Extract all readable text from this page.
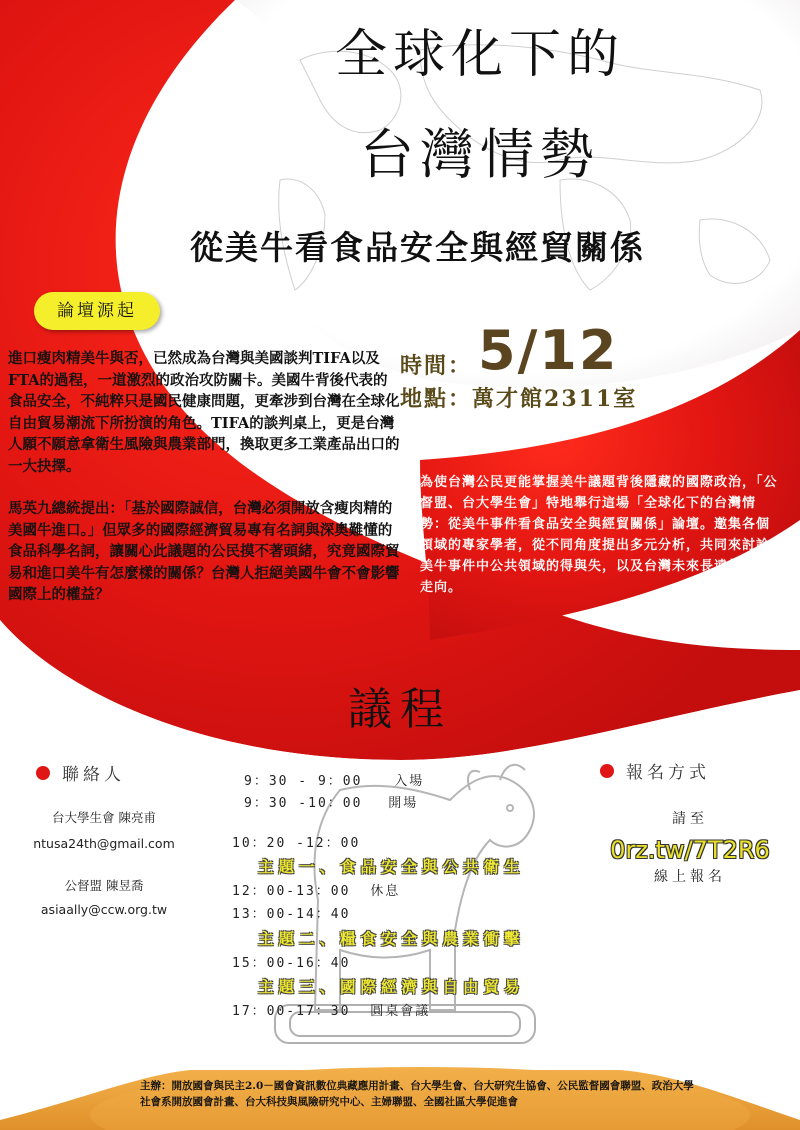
全球化下的
台灣情勢
從美牛看食品安全與經貿關係
論壇源起

進口瘦肉精美牛與否，已然成為台灣與美國談判TIFA以及FTA的過程，一道激烈的政治攻防關卡。美國牛背後代表的食品安全，不純粹只是國民健康問題，更牽涉到台灣在全球化自由貿易潮流下所扮演的角色。TIFA的談判桌上，更是台灣人願不願意拿衛生風險與農業部門，換取更多工業產品出口的一大抉擇。

馬英九總統提出：「基於國際誠信，台灣必須開放含瘦肉精的美國牛進口。」但眾多的國際經濟貿易專有名詞與深奧難懂的食品科學名詞，讓關心此議題的公民摸不著頭緒，究竟國際貿易和進口美牛有怎麼樣的關係？台灣人拒絕美國牛會不會影響國際上的權益？

時間： 5/12
地點：萬才館2311室
為使台灣公民更能掌握美牛議題背後隱藏的國際政治，「公督盟、台大學生會」特地舉行這場「全球化下的台灣情勢：從美牛事件看食品安全與經貿關係」論壇。邀集各個領域的專家學者，從不同角度提出多元分析，共同來討論美牛事件中公共領域的得與失，以及台灣未來長遠的經貿走向。
議程
聯絡人
台大學生會 陳亮甫
ntusa24th@gmail.com
公督盟 陳昱喬
asiaally@ccw.org.tw
報名方式
請至
0rz.tw/7T2R6
線上報名
9：30 - 9：00 入場
9：30 -10：00 開場
10：20 -12：00
主題一、食品安全與公共衛生
12：00-13：00 休息
13：00-14：40
主題二、糧食安全與農業衝擊
15：00-16：40
主題三、國際經濟與自由貿易
17：00-17：30 圓桌會議
主辦：開放國會與民主2.0－國會資訊數位典藏應用計畫、台大學生會、台大研究生協會、公民監督國會聯盟、政治大學社會系開放國會計畫、台大科技與風險研究中心、主婦聯盟、全國社區大學促進會
